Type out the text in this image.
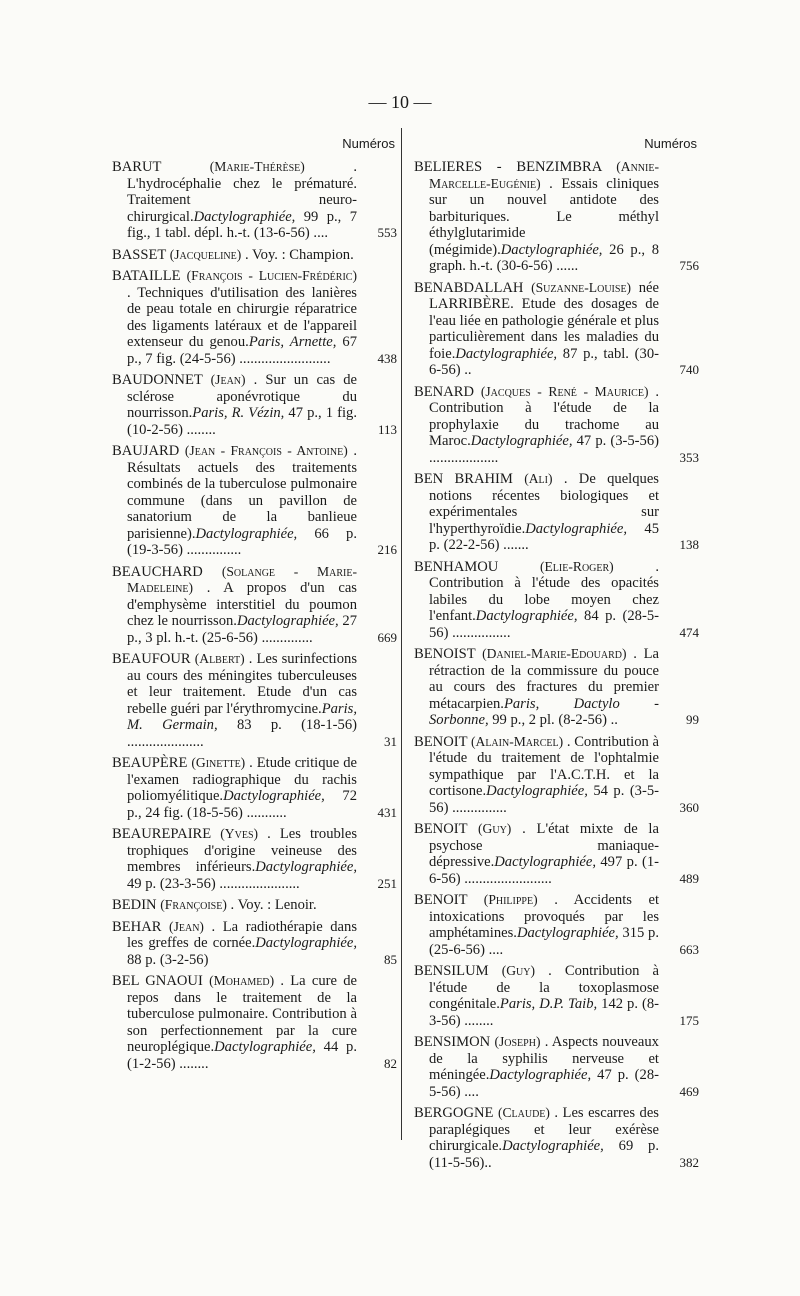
— 10 —
Numéros
BARUT	(Marie-Thérèse)	. L'hydrocéphalie chez le prématuré. Traitement neuro-chirurgical.Dactylographiée, 99 p., 7 fig., 1 tabl. dépl. h.-t. (13-6-56) ....	553
BASSET (Jacqueline) . Voy. : Champion.
BATAILLE (François - Lucien-Frédéric) . Techniques d'utilisation des lanières de peau totale en chirurgie réparatrice des ligaments latéraux et de l'appareil extenseur du genou.Paris, Arnette, 67 p., 7 fig. (24-5-56) .........................	438
BAUDONNET (Jean) . Sur un cas de sclérose aponévrotique du nourrisson.Paris, R. Vézin, 47 p., 1 fig. (10-2-56) ........	113
BAUJARD (Jean - François - Antoine) . Résultats actuels des traitements combinés de la tuberculose pulmonaire commune (dans un pavillon de sanatorium de la banlieue parisienne).Dactylographiée, 66 p. (19-3-56) ...............	216
BEAUCHARD (Solange - Marie-Madeleine) . A propos d'un cas d'emphysème interstitiel du poumon chez le nourrisson.Dactylographiée, 27 p., 3 pl. h.-t. (25-6-56) ..............	669
BEAUFOUR (Albert) . Les surinfections au cours des méningites tuberculeuses et leur traitement. Etude d'un cas rebelle guéri par l'érythromycine.Paris, M. Germain, 83 p. (18-1-56) .....................	31
BEAUPÈRE (Ginette) . Etude critique de l'examen radiographique du rachis poliomyélitique.Dactylographiée, 72 p., 24 fig. (18-5-56) ...........	431
BEAUREPAIRE (Yves) . Les troubles trophiques d'origine veineuse des membres inférieurs.Dactylographiée, 49 p. (23-3-56) ......................	251
BEDIN (Françoise) . Voy. : Lenoir.
BEHAR (Jean) . La radiothérapie dans les greffes de cornée.Dactylographiée, 88 p. (3-2-56)	85
BEL GNAOUI (Mohamed) . La cure de repos dans le traitement de la tuberculose pulmonaire. Contribution à son perfectionnement par la cure neuroplégique.Dactylographiée, 44 p. (1-2-56) ........	82
Numéros
BELIERES - BENZIMBRA (Annie-Marcelle-Eugénie) . Essais cliniques sur un nouvel antidote des barbituriques. Le méthyl éthylglutarimide (mégimide).Dactylographiée, 26 p., 8 graph. h.-t. (30-6-56) ......	756
BENABDALLAH (Suzanne-Louise) née LARRIBÈRE. Etude des dosages de l'eau liée en pathologie générale et plus particulièrement dans les maladies du foie.Dactylographiée, 87 p., tabl. (30-6-56) ..	740
BENARD (Jacques - René - Maurice) . Contribution à l'étude de la prophylaxie du trachome au Maroc.Dactylographiée, 47 p. (3-5-56) ...................	353
BEN BRAHIM (Ali) . De quelques notions récentes biologiques et expérimentales sur l'hyperthyroïdie.Dactylographiée, 45 p. (22-2-56) .......	138
BENHAMOU	(Elie-Roger)	. Contribution à l'étude des opacités labiles du lobe moyen chez l'enfant.Dactylographiée, 84 p. (28-5-56) ................	474
BENOIST (Daniel-Marie-Edouard) . La rétraction de la commissure du pouce au cours des fractures du premier métacarpien.Paris, Dactylo - Sorbonne, 99 p., 2 pl. (8-2-56) ..	99
BENOIT (Alain-Marcel) . Contribution à l'étude du traitement de l'ophtalmie sympathique par l'A.C.T.H. et la cortisone.Dactylographiée, 54 p. (3-5-56) ...............	360
BENOIT (Guy) . L'état mixte de la psychose maniaque-dépressive.Dactylographiée, 497 p. (1-6-56) ........................	489
BENOIT (Philippe) . Accidents et intoxications provoqués par les amphétamines.Dactylographiée, 315 p. (25-6-56) ....	663
BENSILUM (Guy) . Contribution à l'étude de la toxoplasmose congénitale.Paris, D.P. Taib, 142 p. (8-3-56) ........	175
BENSIMON (Joseph) . Aspects nouveaux de la syphilis nerveuse et méningée.Dactylographiée, 47 p. (28-5-56) ....	469
BERGOGNE (Claude) . Les escarres des paraplégiques et leur exérèse chirurgicale.Dactylographiée, 69 p. (11-5-56)..	382
